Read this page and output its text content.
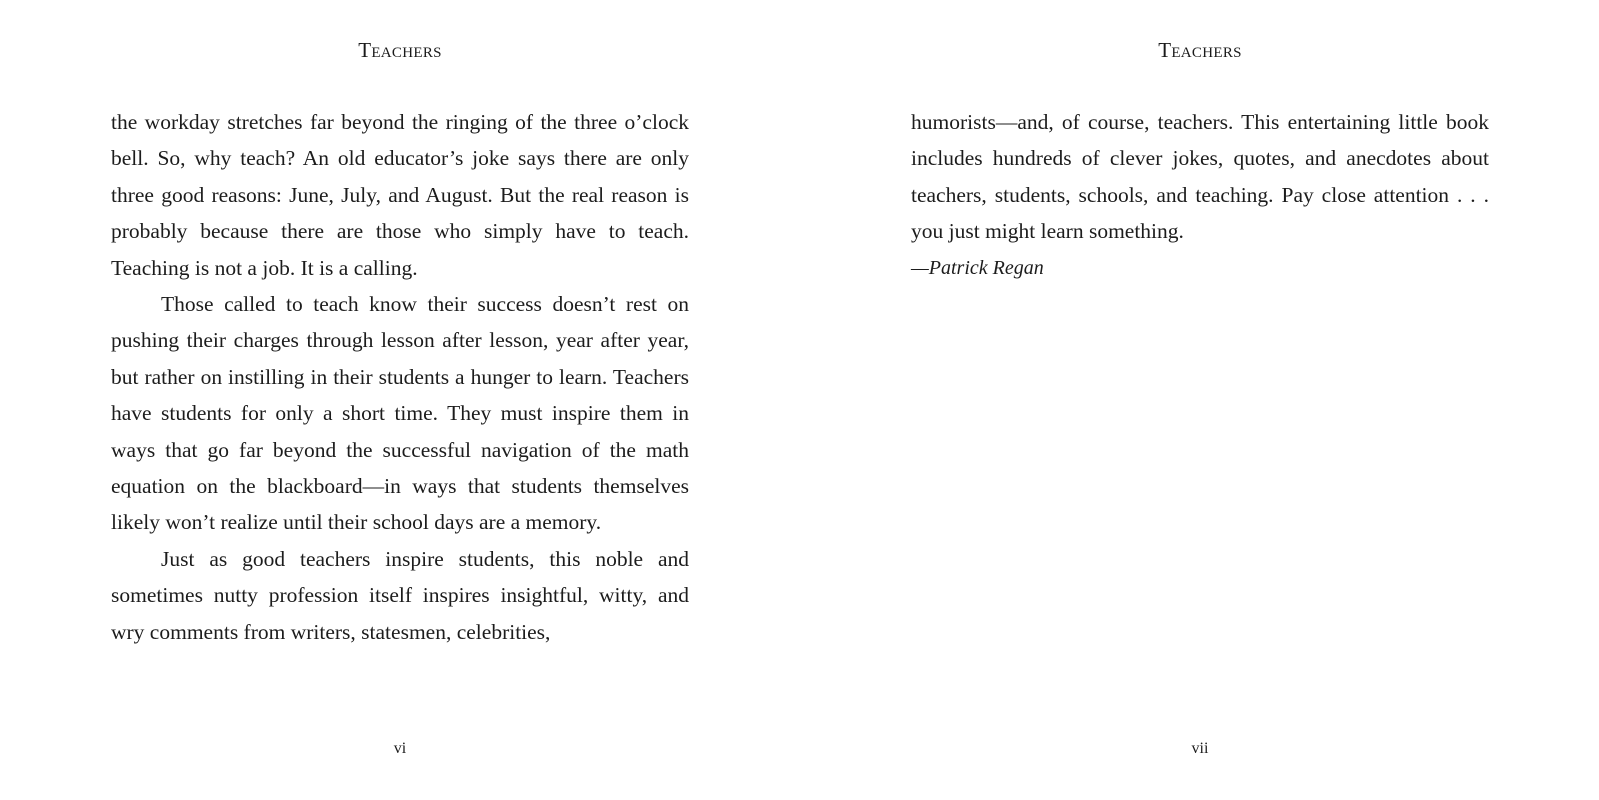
Teachers

the workday stretches far beyond the ringing of the three o’clock bell. So, why teach? An old educator’s joke says there are only three good reasons: June, July, and August. But the real reason is probably because there are those who simply have to teach. Teaching is not a job. It is a calling.

Those called to teach know their success doesn’t rest on pushing their charges through lesson after lesson, year after year, but rather on instilling in their students a hunger to learn. Teachers have students for only a short time. They must inspire them in ways that go far beyond the successful navigation of the math equation on the blackboard—in ways that students themselves likely won’t realize until their school days are a memory.

Just as good teachers inspire students, this noble and sometimes nutty profession itself inspires insightful, witty, and wry comments from writers, statesmen, celebrities,

vi
Teachers

humorists—and, of course, teachers. This entertaining little book includes hundreds of clever jokes, quotes, and anecdotes about teachers, students, schools, and teaching. Pay close attention . . . you just might learn something.

—Patrick Regan

vii
